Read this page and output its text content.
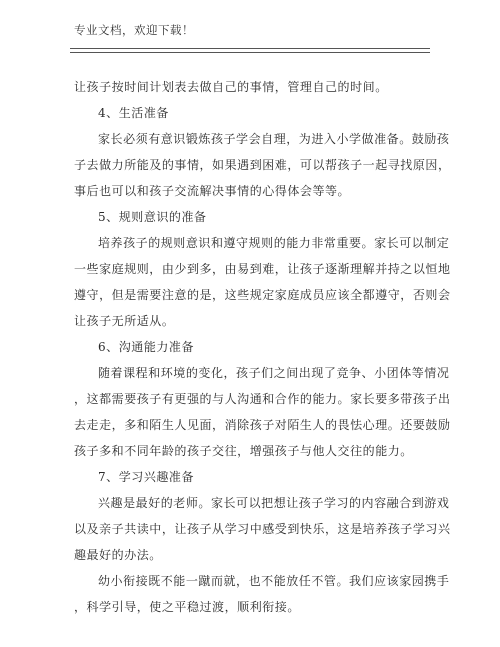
专业文档，欢迎下载！
让孩子按时间计划表去做自己的事情，管理自己的时间。
4、生活准备
家长必须有意识锻炼孩子学会自理，为进入小学做准备。鼓励孩
子去做力所能及的事情，如果遇到困难，可以帮孩子一起寻找原因，
事后也可以和孩子交流解决事情的心得体会等等。
5、规则意识的准备
培养孩子的规则意识和遵守规则的能力非常重要。家长可以制定
一些家庭规则，由少到多，由易到难，让孩子逐渐理解并持之以恒地
遵守，但是需要注意的是，这些规定家庭成员应该全都遵守，否则会
让孩子无所适从。
6、沟通能力准备
随着课程和环境的变化，孩子们之间出现了竞争、小团体等情况
，这都需要孩子有更强的与人沟通和合作的能力。家长要多带孩子出
去走走，多和陌生人见面，消除孩子对陌生人的畏怯心理。还要鼓励
孩子多和不同年龄的孩子交往，增强孩子与他人交往的能力。
7、学习兴趣准备
兴趣是最好的老师。家长可以把想让孩子学习的内容融合到游戏
以及亲子共读中，让孩子从学习中感受到快乐，这是培养孩子学习兴
趣最好的办法。
幼小衔接既不能一蹴而就，也不能放任不管。我们应该家园携手
，科学引导，使之平稳过渡，顺利衔接。
